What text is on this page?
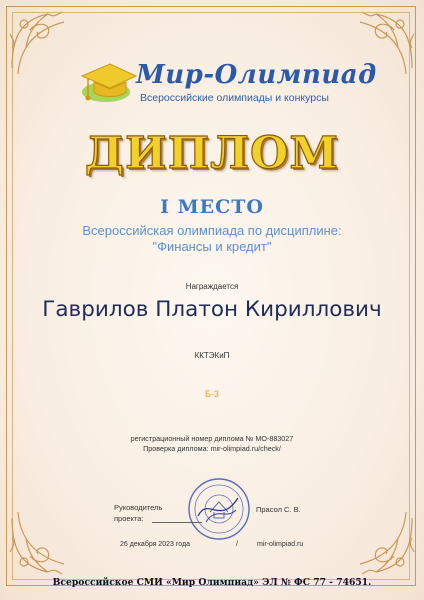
Мир-Олимпиад
Всероссийские олимпиады и конкурсы
ДИПЛОМ
I МЕСТО
Всероссийская олимпиада по дисциплине:
"Финансы и кредит"
Награждается
Гаврилов Платон Кириллович
ККТЭКиП
Б-3
регистрационный номер диплома № МО-883027
Проверка диплома: mir-olimpiad.ru/check/
Руководитель
проекта:
Прасол С. В.
26 декабря 2023 года	/	mir-olimpiad.ru
Всероссийское СМИ «Мир Олимпиад» ЭЛ № ФС 77 - 74651.
